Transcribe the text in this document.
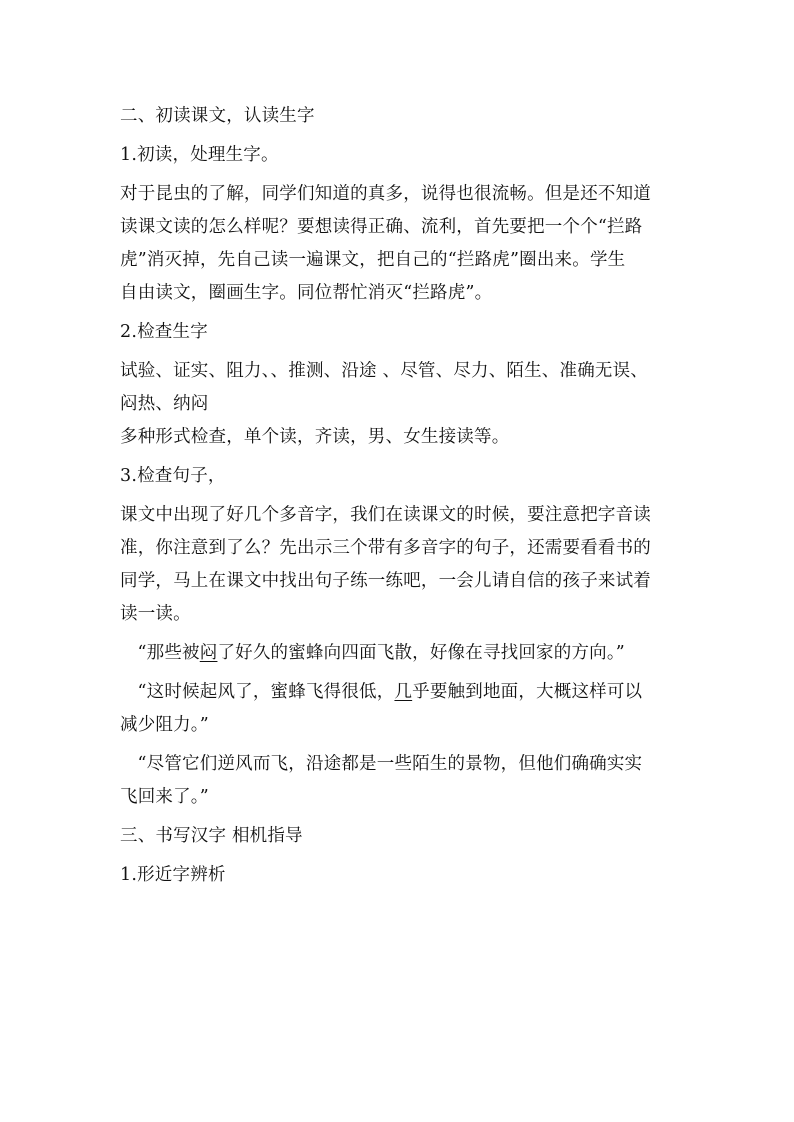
二、初读课文，认读生字

1.初读，处理生字。

对于昆虫的了解，同学们知道的真多，说得也很流畅。但是还不知道

读课文读的怎么样呢？要想读得正确、流利，首先要把一个个“拦路

虎”消灭掉，先自己读一遍课文，把自己的“拦路虎”圈出来。学生

自由读文，圈画生字。同位帮忙消灭“拦路虎”。

2.检查生字

试验、证实、阻力、、推测、沿途 、尽管、尽力、陌生、准确无误、

闷热、纳闷

多种形式检查，单个读，齐读，男、女生接读等。

3.检查句子，

课文中出现了好几个多音字，我们在读课文的时候，要注意把字音读

准，你注意到了么？先出示三个带有多音字的句子，还需要看看书的

同学，马上在课文中找出句子练一练吧，一会儿请自信的孩子来试着

读一读。

“那些被闷了好久的蜜蜂向四面飞散，好像在寻找回家的方向。”

“这时候起风了，蜜蜂飞得很低，几乎要触到地面，大概这样可以

减少阻力。”

“尽管它们逆风而飞，沿途都是一些陌生的景物，但他们确确实实

飞回来了。”

三、书写汉字 相机指导

1.形近字辨析
